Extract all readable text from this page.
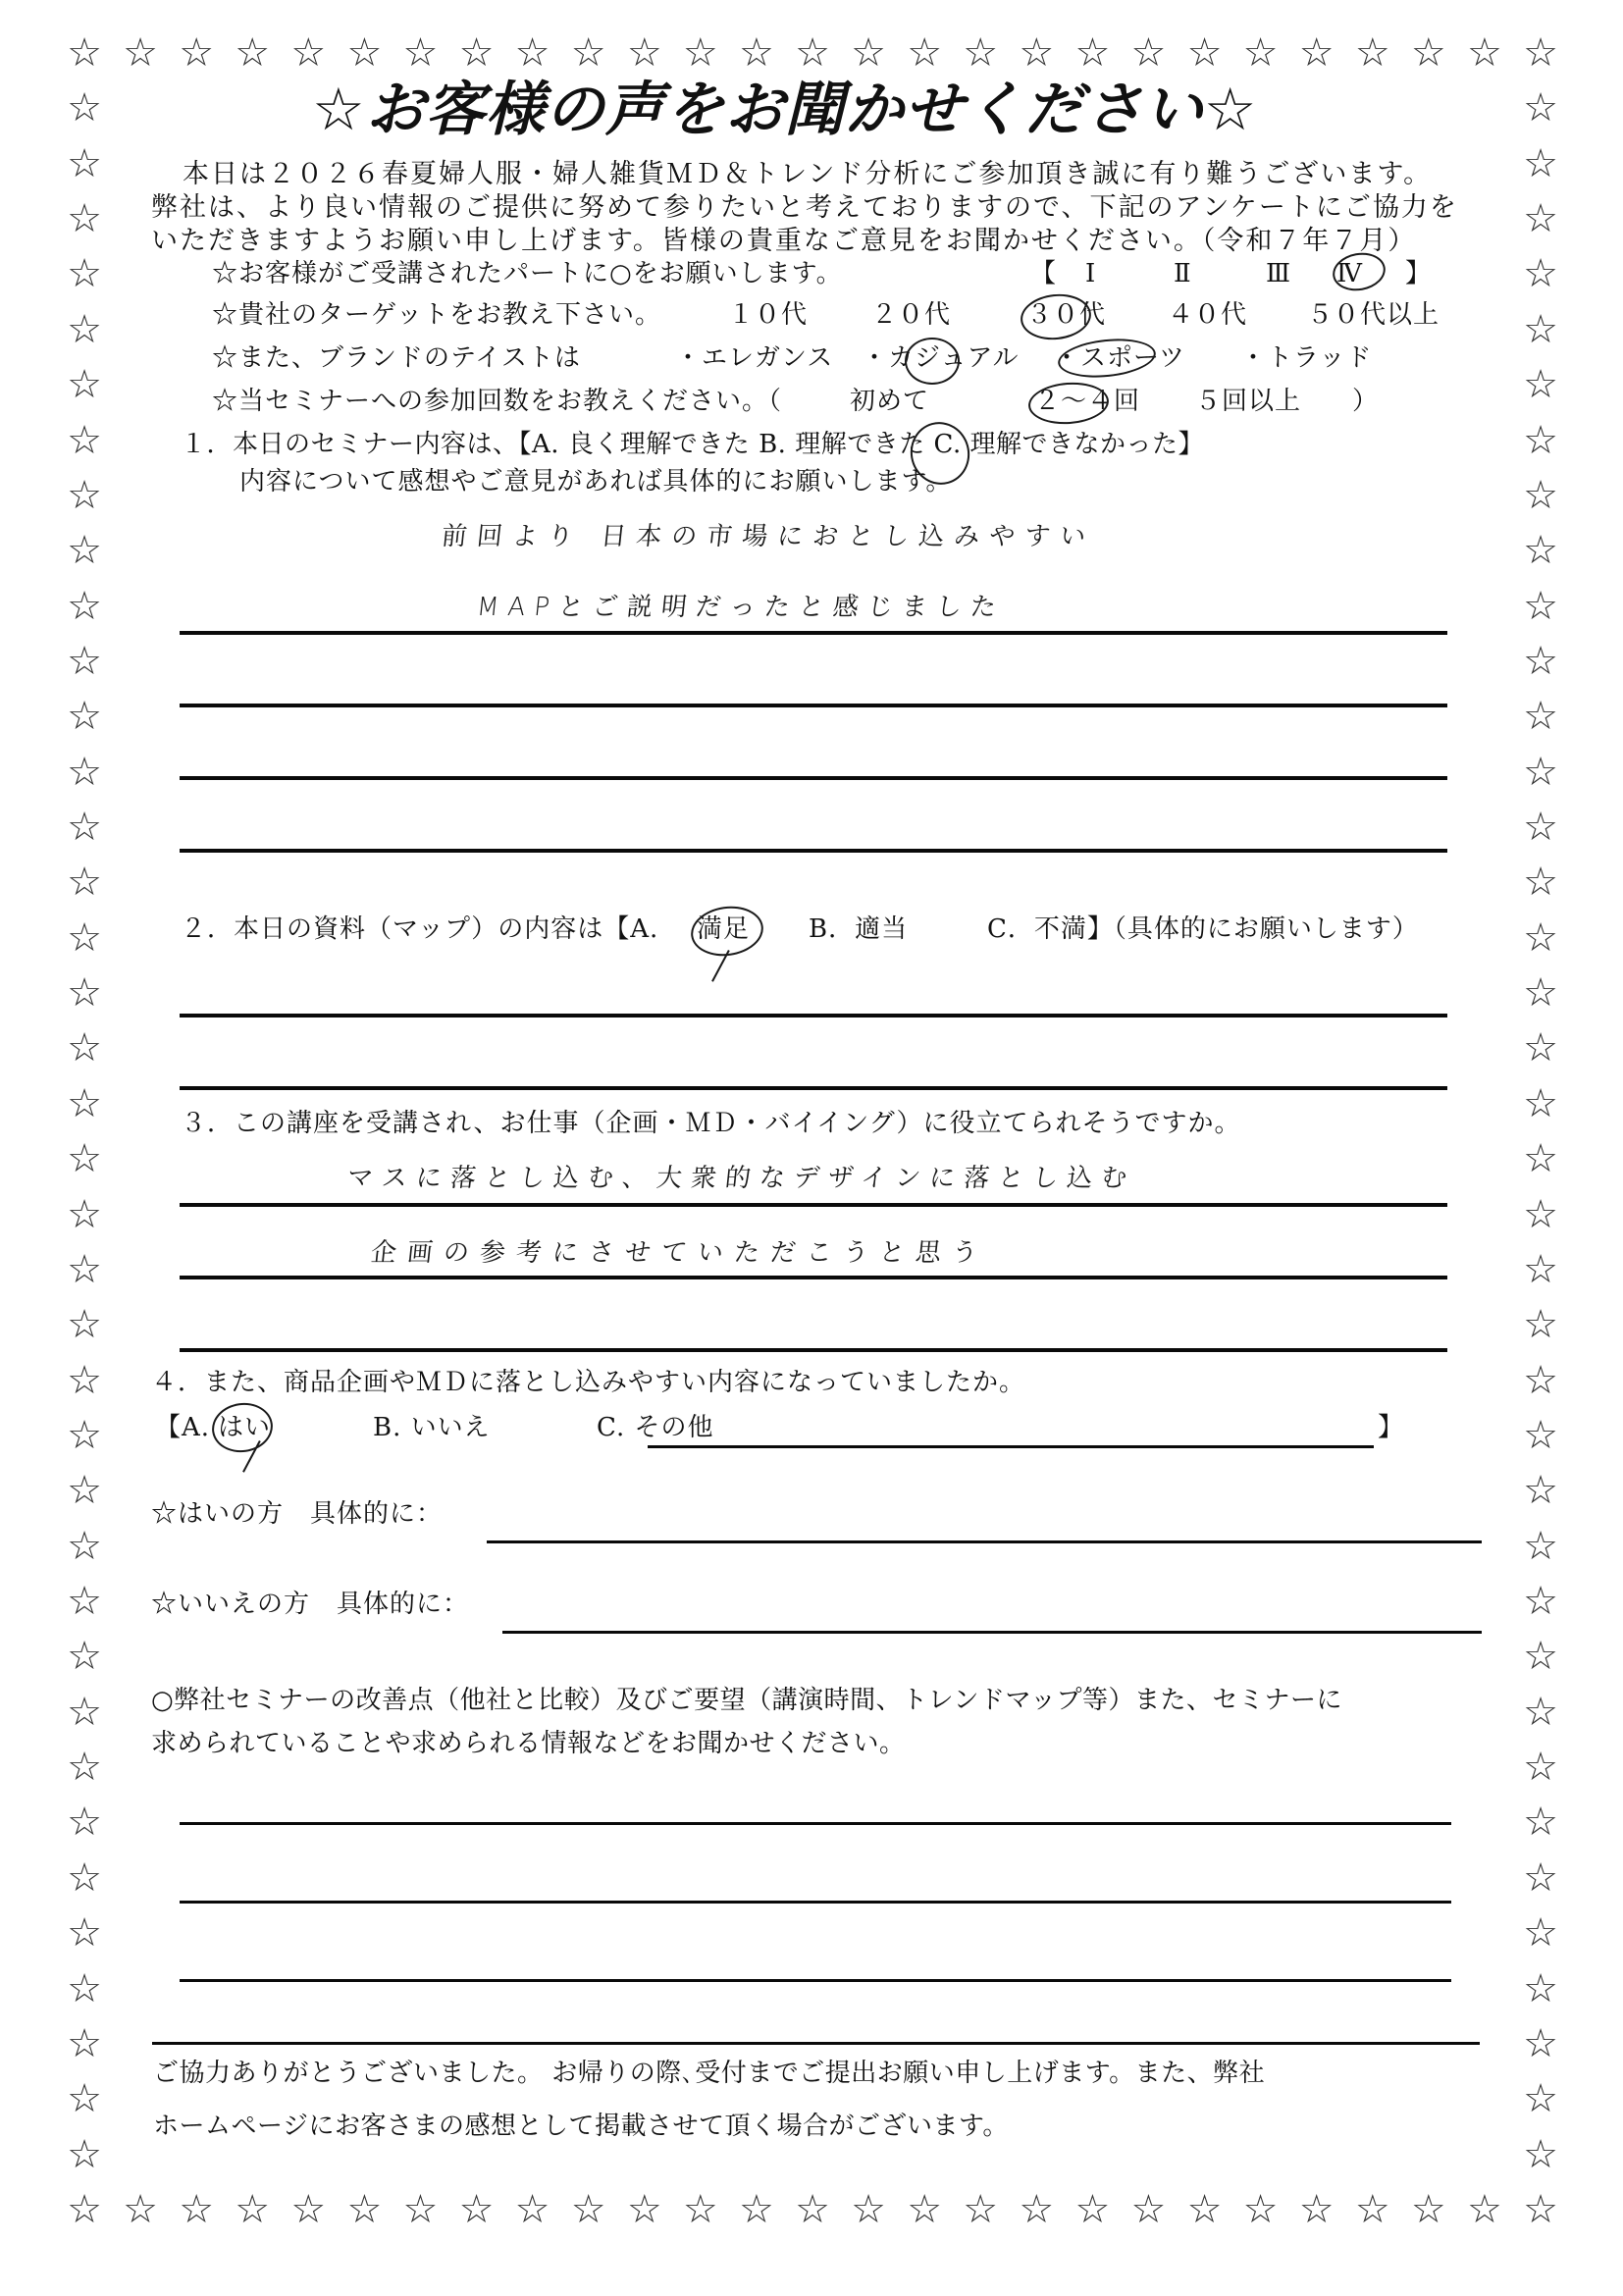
☆
☆
☆
☆
☆
☆
☆
☆
☆
☆
☆
☆
☆
☆
☆
☆
☆
☆
☆
☆
☆
☆
☆
☆
☆
☆
☆
☆
☆
☆
☆
☆
☆
☆
☆
☆
☆
☆
☆
☆
☆
☆
☆
☆
☆
☆
☆
☆
☆
☆
☆
☆
☆
☆
☆	☆
☆	☆
☆	☆
☆	☆
☆	☆
☆	☆
☆	☆
☆	☆
☆	☆
☆	☆
☆	☆
☆	☆
☆	☆
☆	☆
☆	☆
☆	☆
☆	☆
☆	☆
☆	☆
☆	☆
☆	☆
☆	☆
☆	☆
☆	☆
☆	☆
☆	☆
☆	☆
☆	☆
☆	☆
☆	☆
☆	☆
☆	☆
☆	☆
☆	☆
☆	☆
☆	☆
☆	☆
☆	☆
☆お客様の声をお聞かせください☆
本日は２０２６春夏婦人服・婦人雑貨ＭＤ＆トレンド分析にご参加頂き誠に有り難うございます。
弊社は、より良い情報のご提供に努めて参りたいと考えておりますので、下記のアンケートにご協力を
いただきますようお願い申し上げます。皆様の貴重なご意見をお聞かせください。（令和７年７月）
☆お客様がご受講されたパートに○をお願いします。	【 Ⅰ	Ⅱ	Ⅲ Ⅳ 】
☆貴社のターゲットをお教え下さい。	１０代 ２０代	３０代 ４０代 ５０代以上
☆また、ブランドのテイストは	・エレガンス ・カジュアル ・スポーツ ・トラッド
☆当セミナーへの参加回数をお教えください。（	初めて	２〜４回 ５回以上 ）
１．本日のセミナー内容は、【A. 良く理解できた B. 理解できた C. 理解できなかった】
内容について感想やご意見があれば具体的にお願いします。
前回より 日本の市場におとし込みやすい
MAPとご説明だったと感じました
２．本日の資料（マップ）の内容は【A. 満足 B．適当	C．不満】（具体的にお願いします）
３．この講座を受講され、お仕事（企画・ＭＤ・バイイング）に役立てられそうですか。
マスに落とし込む、大衆的なデザインに落とし込む
企画の参考にさせていただこうと思う
４．また、商品企画やＭＤに落とし込みやすい内容になっていましたか。
【A. はい	B. いいえ	C. その他	】
☆はいの方　具体的に：
☆いいえの方　具体的に：
○弊社セミナーの改善点（他社と比較）及びご要望（講演時間、トレンドマップ等）また、セミナーに
求められていることや求められる情報などをお聞かせください。
ご協力ありがとうございました。 お帰りの際､受付までご提出お願い申し上げます。また、弊社
ホームページにお客さまの感想として掲載させて頂く場合がございます。
